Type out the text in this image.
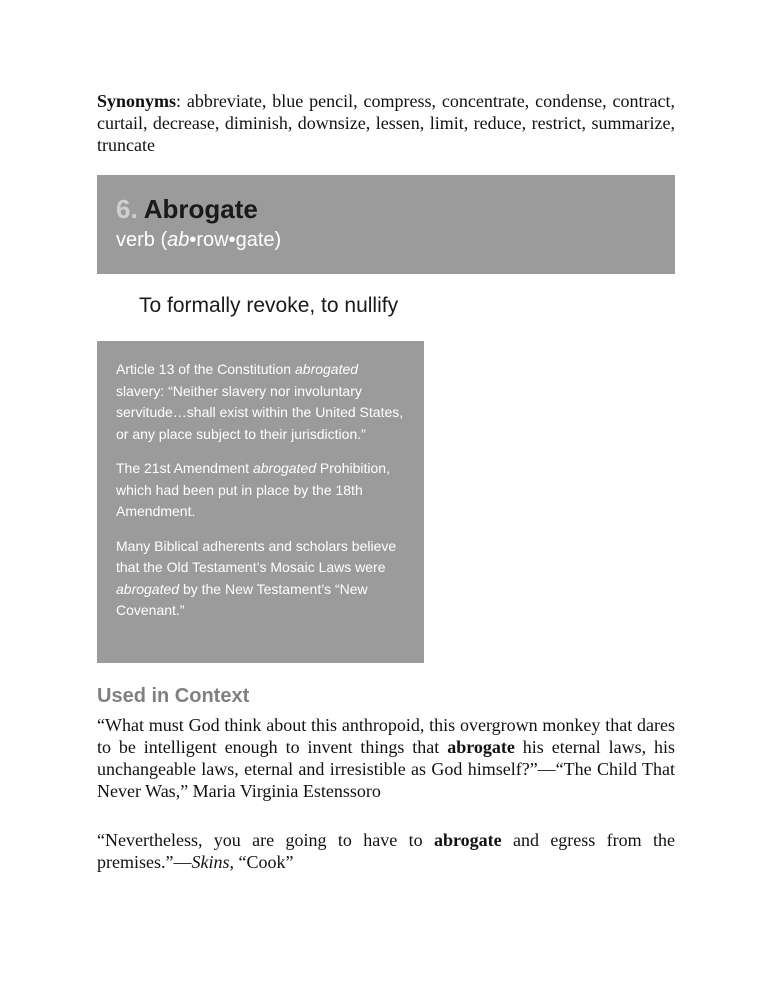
Synonyms: abbreviate, blue pencil, compress, concentrate, condense, contract, curtail, decrease, diminish, downsize, lessen, limit, reduce, restrict, summarize, truncate

6. Abrogate
verb (ab•row•gate)
To formally revoke, to nullify

Article 13 of the Constitution abrogated slavery: “Neither slavery nor involuntary servitude…shall exist within the United States, or any place subject to their jurisdiction.”

The 21st Amendment abrogated Prohibition, which had been put in place by the 18th Amendment.

Many Biblical adherents and scholars believe that the Old Testament’s Mosaic Laws were abrogated by the New Testament’s “New Covenant.”

Used in Context

“What must God think about this anthropoid, this overgrown monkey that dares to be intelligent enough to invent things that abrogate his eternal laws, his unchangeable laws, eternal and irresistible as God himself?”—“The Child That Never Was,” Maria Virginia Estenssoro

“Nevertheless, you are going to have to abrogate and egress from the premises.”—Skins, “Cook”
